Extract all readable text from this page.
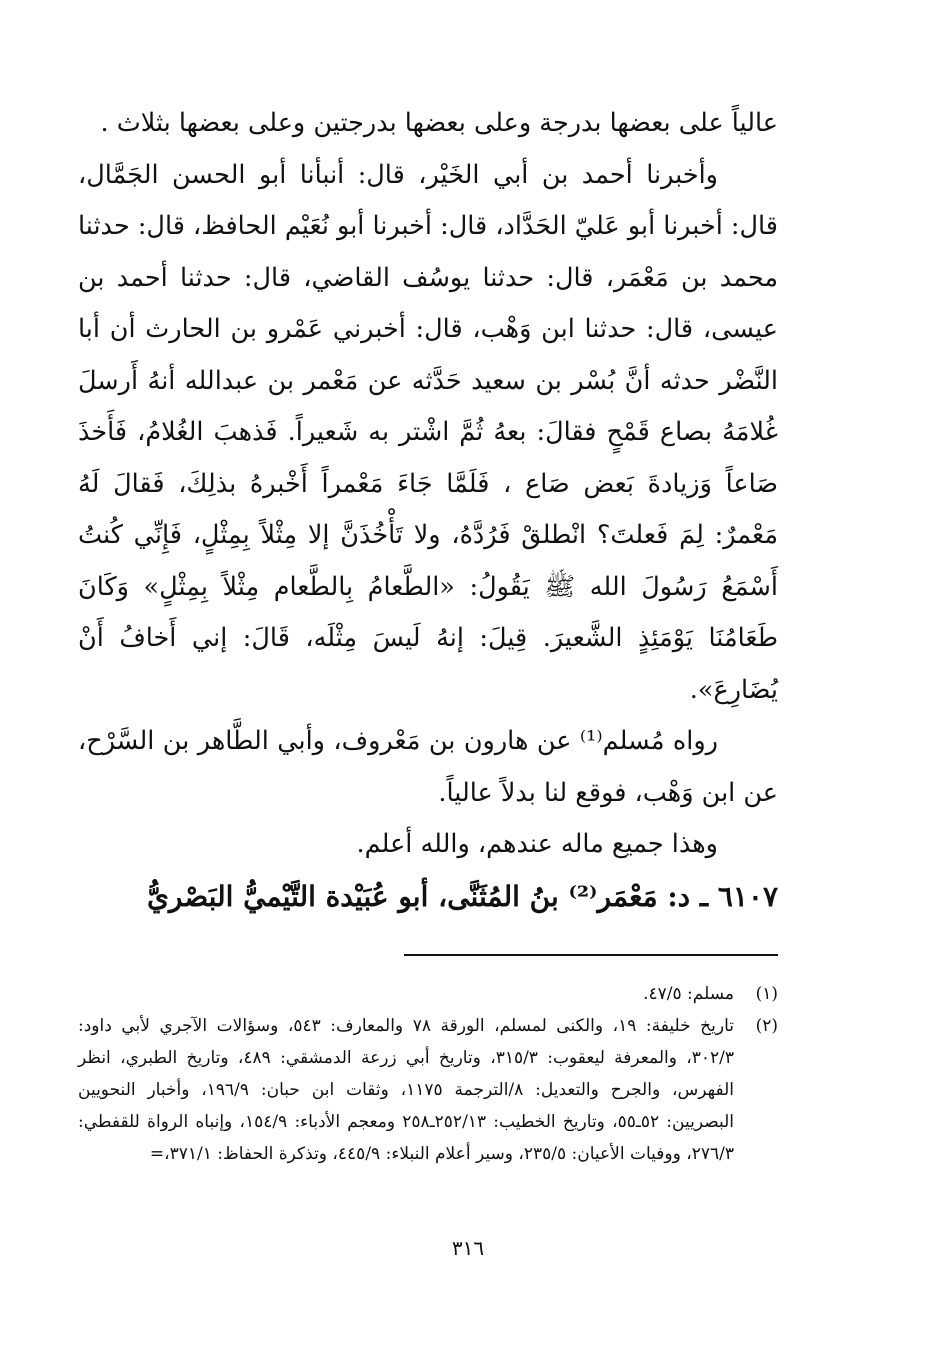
عالياً على بعضها بدرجة وعلى بعضها بدرجتين وعلى بعضها بثلاث .

وأخبرنا أحمد بن أبي الخَيْر، قال: أنبأنا أبو الحسن الجَمَّال، قال: أخبرنا أبو عَليّ الحَدَّاد، قال: أخبرنا أبو نُعَيْم الحافظ، قال: حدثنا محمد بن مَعْمَر، قال: حدثنا يوسُف القاضي، قال: حدثنا أحمد بن عيسى، قال: حدثنا ابن وَهْب، قال: أخبرني عَمْرو بن الحارث أن أبا النَّضْر حدثه أنَّ بُسْر بن سعيد حَدَّثه عن مَعْمر بن عبدالله أنهُ أَرسلَ غُلامَهُ بصاع قَمْحٍ فقالَ: بعهُ ثُمَّ اشْتر به شَعيراً. فَذهبَ الغُلامُ، فَأَخذَ صَاعاً وَزيادةَ بَعض صَاع ، فَلَمَّا جَاءَ مَعْمراً أَخْبرهُ بذلِكَ، فَقالَ لَهُ مَعْمرٌ: لِمَ فَعلتَ؟ انْطلقْ فَرُدَّهُ، ولا تَأْخُذَنَّ إلا مِثْلاً بِمِثْلٍ، فَإِنِّي كُنتُ أَسْمَعُ رَسُولَ الله ﷺ يَقُولُ: «الطَّعامُ بِالطَّعام مِثْلاً بِمِثْلٍ» وَكَانَ طَعَامُنَا يَوْمَئِذٍ الشَّعيرَ. قِيلَ: إنهُ لَيسَ مِثْلَه، قَالَ: إني أَخافُ أَنْ يُضَارِعَ».

رواه مُسلم⁽¹⁾ عن هارون بن مَعْروف، وأبي الطَّاهر بن السَّرْح، عن ابن وَهْب، فوقع لنا بدلاً عالياً.

وهذا جميع ماله عندهم، والله أعلم.

٦١٠٧ ـ د: مَعْمَر⁽²⁾ بنُ المُثَنَّى، أبو عُبَيْدة التَّيْميُّ البَصْريُّ

(١)
مسلم: ٤٧/٥.
(٢)
تاريخ خليفة: ١٩، والكنى لمسلم، الورقة ٧٨ والمعارف: ٥٤٣، وسؤالات الآجري لأبي داود: ٣٠٢/٣، والمعرفة ليعقوب: ٣١٥/٣، وتاريخ أبي زرعة الدمشقي: ٤٨٩، وتاريخ الطبري، انظر الفهرس، والجرح والتعديل: ٨/الترجمة ١١٧٥، وثقات ابن حبان: ١٩٦/٩، وأخبار النحويين البصريين: ٥٢ـ٥٥، وتاريخ الخطيب: ٢٥٢/١٣ـ٢٥٨ ومعجم الأدباء: ١٥٤/٩، وإنباه الرواة للقفطي: ٢٧٦/٣، ووفيات الأعيان: ٢٣٥/٥، وسير أعلام النبلاء: ٤٤٥/٩، وتذكرة الحفاظ: ٣٧١/١،=
٣١٦
